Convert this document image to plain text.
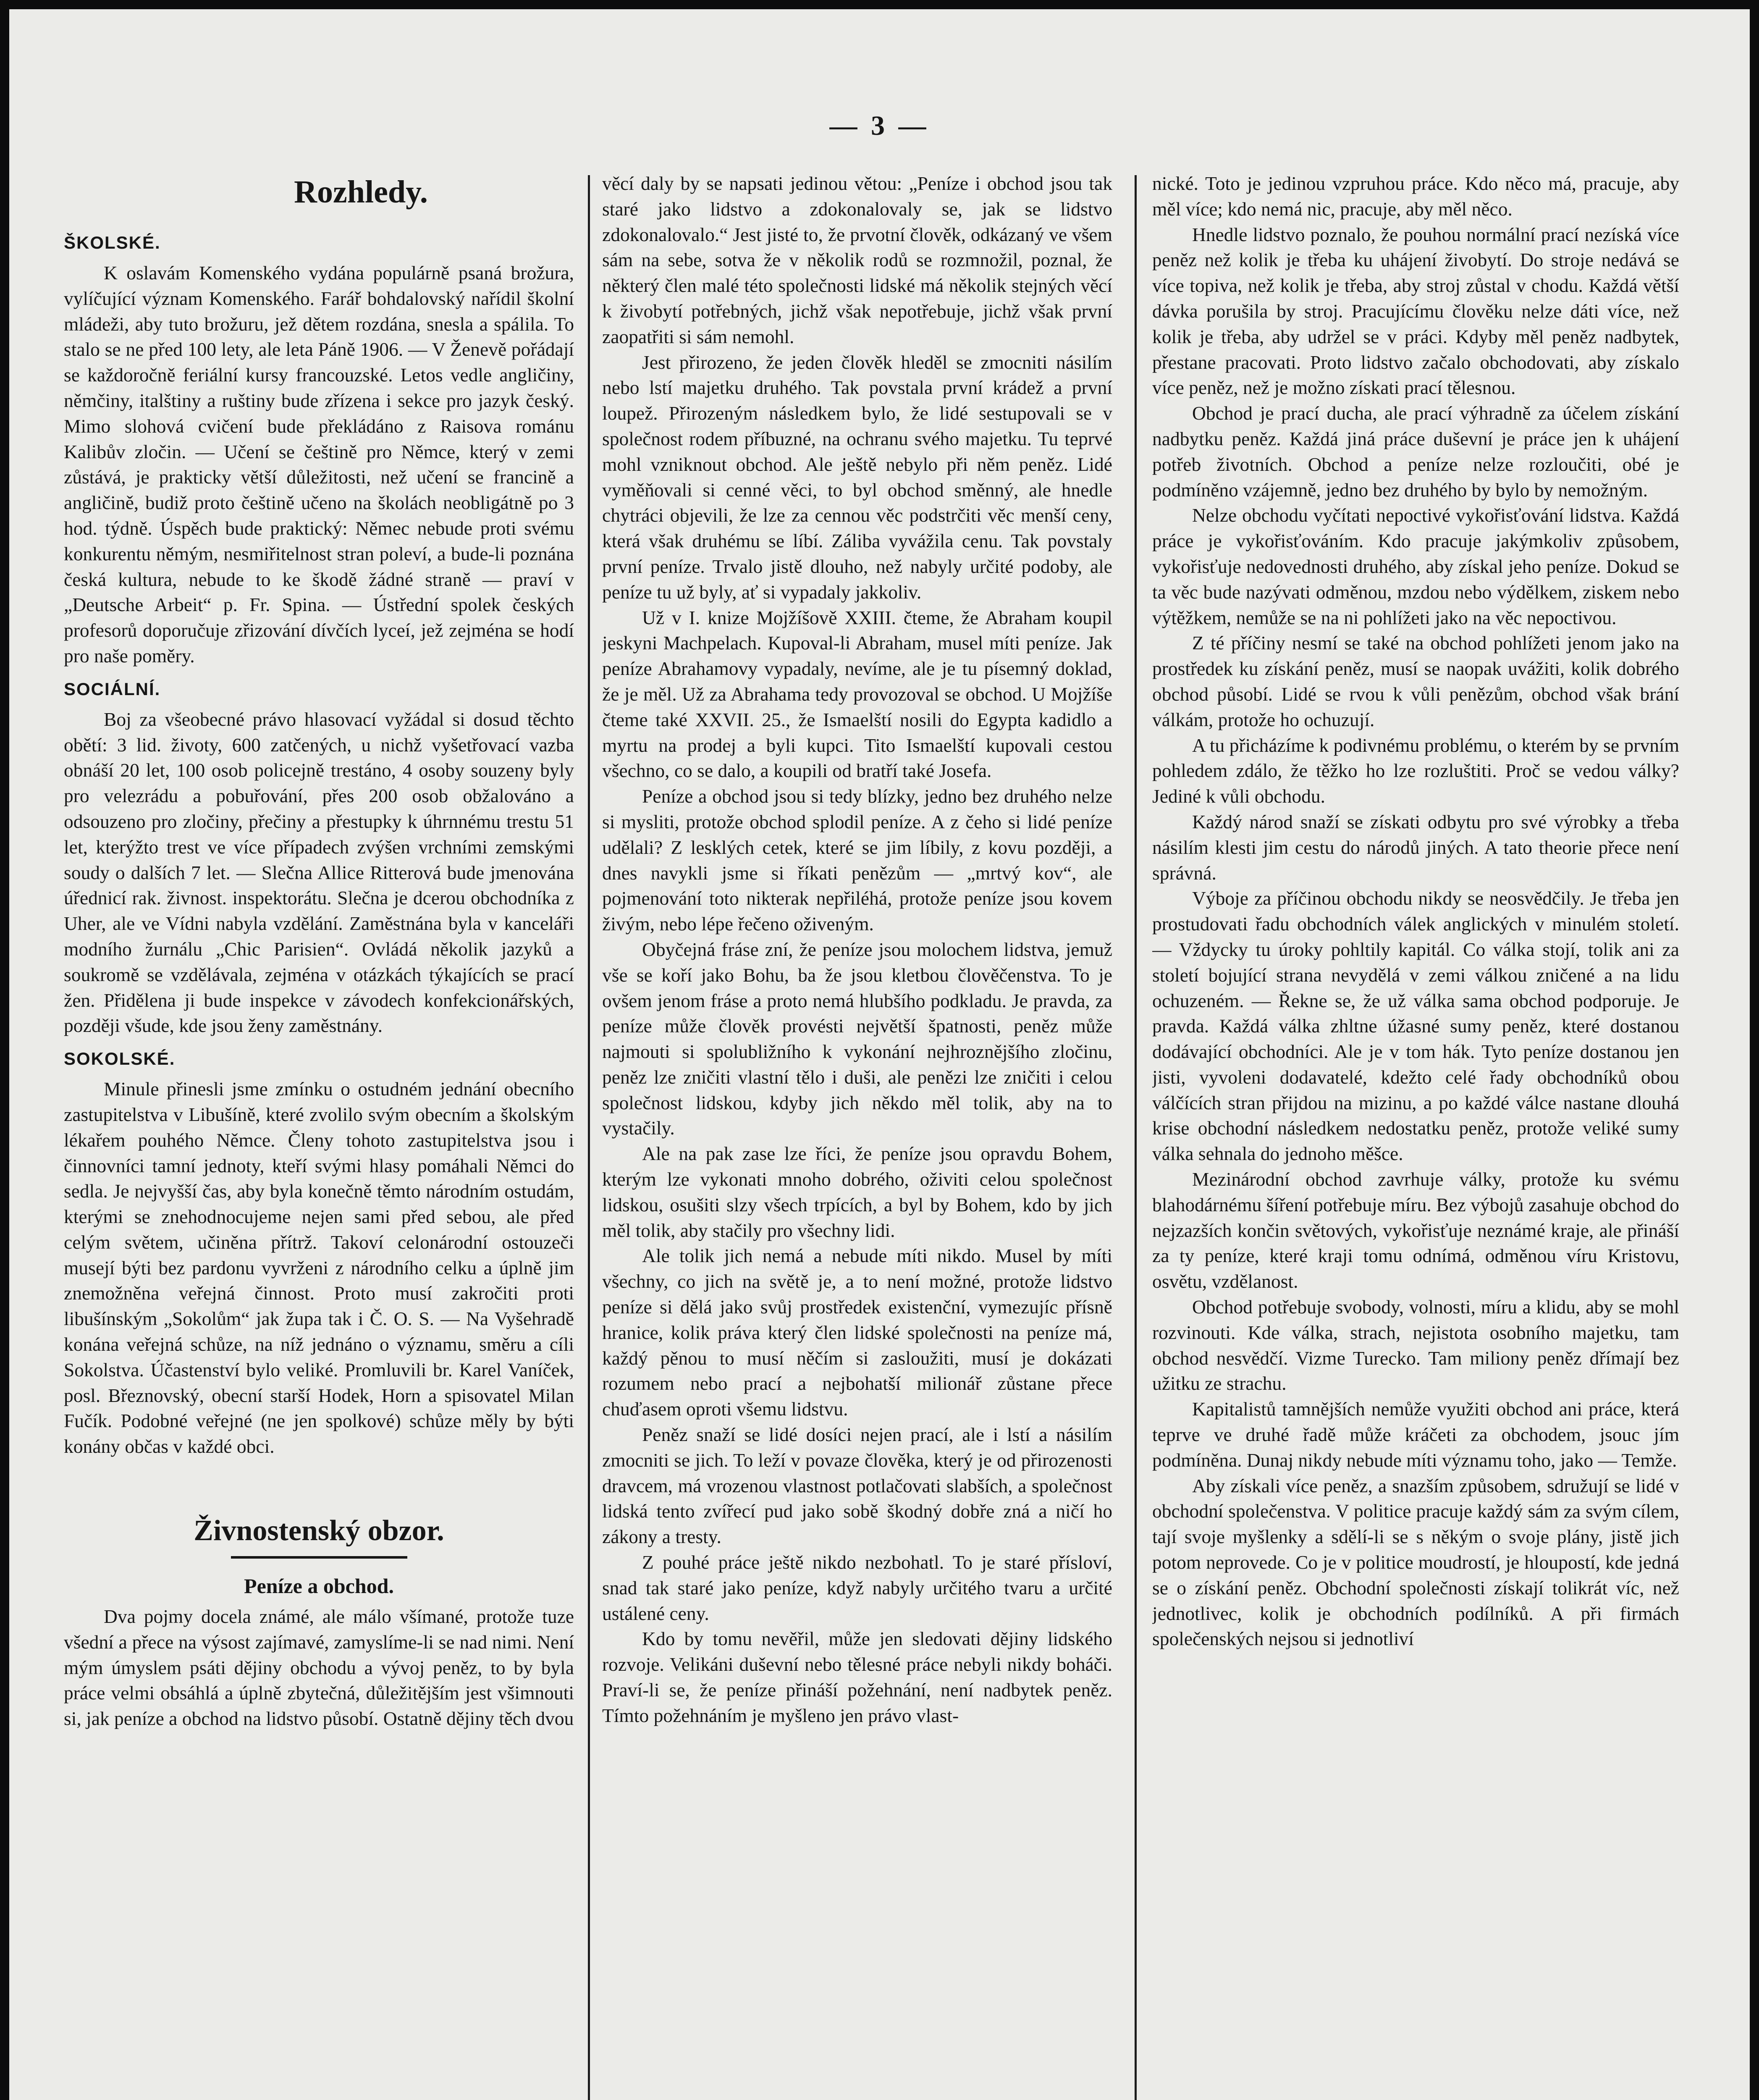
— 3 —
Rozhledy.
ŠKOLSKÉ.

K oslavám Komenského vydána populárně psaná brožura, vylíčující význam Komenského. Farář bohdalovský nařídil školní mládeži, aby tuto brožuru, jež dětem rozdána, snesla a spálila. To stalo se ne před 100 lety, ale leta Páně 1906. — V Ženevě pořádají se každoročně feriální kursy francouzské. Letos vedle angličiny, němčiny, italštiny a ruštiny bude zřízena i sekce pro jazyk český. Mimo slohová cvičení bude překládáno z Raisova románu Kalibův zločin. — Učení se češtině pro Němce, který v zemi zůstává, je prakticky větší důležitosti, než učení se francině a angličině, budiž proto češtině učeno na školách neobligátně po 3 hod. týdně. Úspěch bude praktický: Němec nebude proti svému konkurentu němým, nesmiřitelnost stran poleví, a bude-li poznána česká kultura, nebude to ke škodě žádné straně — praví v „Deutsche Arbeit“ p. Fr. Spina. — Ústřední spolek českých profesorů doporučuje zřizování dívčích lyceí, jež zejména se hodí pro naše poměry.

SOCIÁLNÍ.

Boj za všeobecné právo hlasovací vyžádal si dosud těchto obětí: 3 lid. životy, 600 zatčených, u nichž vyšetřovací vazba obnáší 20 let, 100 osob policejně trestáno, 4 osoby souzeny byly pro velezrádu a pobuřování, přes 200 osob obžalováno a odsouzeno pro zločiny, přečiny a přestupky k úhrnnému trestu 51 let, kterýžto trest ve více případech zvýšen vrchními zemskými soudy o dalších 7 let. — Slečna Allice Ritterová bude jmenována úřednicí rak. živnost. inspektorátu. Slečna je dcerou obchodníka z Uher, ale ve Vídni nabyla vzdělání. Zaměstnána byla v kanceláři modního žurnálu „Chic Parisien“. Ovládá několik jazyků a soukromě se vzdělávala, zejména v otázkách týkajících se prací žen. Přidělena ji bude inspekce v závodech konfekcionářských, později všude, kde jsou ženy zaměstnány.

SOKOLSKÉ.

Minule přinesli jsme zmínku o ostudném jednání obecního zastupitelstva v Libušíně, které zvolilo svým obecním a školským lékařem pouhého Němce. Členy tohoto zastupitelstva jsou i činnovníci tamní jednoty, kteří svými hlasy pomáhali Němci do sedla. Je nejvyšší čas, aby byla konečně těmto národním ostudám, kterými se znehodnocujeme nejen sami před sebou, ale před celým světem, učiněna přítrž. Takoví celonárodní ostouzeči musejí býti bez pardonu vyvrženi z národního celku a úplně jim znemožněna veřejná činnost. Proto musí zakročiti proti libušínským „Sokolům“ jak župa tak i Č. O. S. — Na Vyšehradě konána veřejná schůze, na níž jednáno o významu, směru a cíli Sokolstva. Účastenství bylo veliké. Promluvili br. Karel Vaníček, posl. Březnovský, obecní starší Hodek, Horn a spisovatel Milan Fučík. Podobné veřejné (ne jen spolkové) schůze měly by býti konány občas v každé obci.

Živnostenský obzor.
Peníze a obchod.

Dva pojmy docela známé, ale málo všímané, protože tuze všední a přece na výsost zajímavé, zamyslíme-li se nad nimi. Není mým úmyslem psáti dějiny obchodu a vývoj peněz, to by byla práce velmi obsáhlá a úplně zbytečná, důležitějším jest všimnouti si, jak peníze a obchod na lidstvo působí. Ostatně dějiny těch dvou

věcí daly by se napsati jedinou větou: „Peníze i obchod jsou tak staré jako lidstvo a zdokonalovaly se, jak se lidstvo zdokonalovalo.“ Jest jisté to, že prvotní člověk, odkázaný ve všem sám na sebe, sotva že v několik rodů se rozmnožil, poznal, že některý člen malé této společnosti lidské má několik stejných věcí k živobytí potřebných, jichž však nepotřebuje, jichž však první zaopatřiti si sám nemohl.

Jest přirozeno, že jeden člověk hleděl se zmocniti násilím nebo lstí majetku druhého. Tak povstala první krádež a první loupež. Přirozeným následkem bylo, že lidé sestupovali se v společnost rodem příbuzné, na ochranu svého majetku. Tu teprvé mohl vzniknout obchod. Ale ještě nebylo při něm peněz. Lidé vyměňovali si cenné věci, to byl obchod směnný, ale hnedle chytráci objevili, že lze za cennou věc podstrčiti věc menší ceny, která však druhému se líbí. Záliba vyvážila cenu. Tak povstaly první peníze. Trvalo jistě dlouho, než nabyly určité podoby, ale peníze tu už byly, ať si vypadaly jakkoliv.

Už v I. knize Mojžíšově XXIII. čteme, že Abraham koupil jeskyni Machpelach. Kupoval-li Abraham, musel míti peníze. Jak peníze Abrahamovy vypadaly, nevíme, ale je tu písemný doklad, že je měl. Už za Abrahama tedy provozoval se obchod. U Mojžíše čteme také XXVII. 25., že Ismaelští nosili do Egypta kadidlo a myrtu na prodej a byli kupci. Tito Ismaelští kupovali cestou všechno, co se dalo, a koupili od bratří také Josefa.

Peníze a obchod jsou si tedy blízky, jedno bez druhého nelze si mysliti, protože obchod splodil peníze. A z čeho si lidé peníze udělali? Z lesklých cetek, které se jim líbily, z kovu později, a dnes navykli jsme si říkati penězům — „mrtvý kov“, ale pojmenování toto nikterak nepřiléhá, protože peníze jsou kovem živým, nebo lépe řečeno oživeným.

Obyčejná fráse zní, že peníze jsou molochem lidstva, jemuž vše se koří jako Bohu, ba že jsou kletbou člověčenstva. To je ovšem jenom fráse a proto nemá hlubšího podkladu. Je pravda, za peníze může člověk provésti největší špatnosti, peněz může najmouti si spolubližního k vykonání nejhroznějšího zločinu, peněz lze zničiti vlastní tělo i duši, ale penězi lze zničiti i celou společnost lidskou, kdyby jich někdo měl tolik, aby na to vystačily.

Ale na pak zase lze říci, že peníze jsou opravdu Bohem, kterým lze vykonati mnoho dobrého, oživiti celou společnost lidskou, osušiti slzy všech trpících, a byl by Bohem, kdo by jich měl tolik, aby stačily pro všechny lidi.

Ale tolik jich nemá a nebude míti nikdo. Musel by míti všechny, co jich na světě je, a to není možné, protože lidstvo peníze si dělá jako svůj prostředek existenční, vymezujíc přísně hranice, kolik práva který člen lidské společnosti na peníze má, každý pěnou to musí něčím si zasloužiti, musí je dokázati rozumem nebo prací a nejbohatší milionář zůstane přece chuďasem oproti všemu lidstvu.

Peněz snaží se lidé dosíci nejen prací, ale i lstí a násilím zmocniti se jich. To leží v povaze člověka, který je od přirozenosti dravcem, má vrozenou vlastnost potlačovati slabších, a společnost lidská tento zvířecí pud jako sobě škodný dobře zná a ničí ho zákony a tresty.

Z pouhé práce ještě nikdo nezbohatl. To je staré přísloví, snad tak staré jako peníze, když nabyly určitého tvaru a určité ustálené ceny.

Kdo by tomu nevěřil, může jen sledovati dějiny lidského rozvoje. Velikáni duševní nebo tělesné práce nebyli nikdy boháči. Praví-li se, že peníze přináší požehnání, není nadbytek peněz. Tímto požehnáním je myšleno jen právo vlast-

nické. Toto je jedinou vzpruhou práce. Kdo něco má, pracuje, aby měl více; kdo nemá nic, pracuje, aby měl něco.

Hnedle lidstvo poznalo, že pouhou normální prací nezíská více peněz než kolik je třeba ku uhájení živobytí. Do stroje nedává se více topiva, než kolik je třeba, aby stroj zůstal v chodu. Každá větší dávka porušila by stroj. Pracujícímu člověku nelze dáti více, než kolik je třeba, aby udržel se v práci. Kdyby měl peněz nadbytek, přestane pracovati. Proto lidstvo začalo obchodovati, aby získalo více peněz, než je možno získati prací tělesnou.

Obchod je prací ducha, ale prací výhradně za účelem získání nadbytku peněz. Každá jiná práce duševní je práce jen k uhájení potřeb životních. Obchod a peníze nelze rozloučiti, obé je podmíněno vzájemně, jedno bez druhého by bylo by nemožným.

Nelze obchodu vyčítati nepoctivé vykořisťování lidstva. Každá práce je vykořisťováním. Kdo pracuje jakýmkoliv způsobem, vykořisťuje nedovednosti druhého, aby získal jeho peníze. Dokud se ta věc bude nazývati odměnou, mzdou nebo výdělkem, ziskem nebo výtěžkem, nemůže se na ni pohlížeti jako na věc nepoctivou.

Z té příčiny nesmí se také na obchod pohlížeti jenom jako na prostředek ku získání peněz, musí se naopak uvážiti, kolik dobrého obchod působí. Lidé se rvou k vůli penězům, obchod však brání válkám, protože ho ochuzují.

A tu přicházíme k podivnému problému, o kterém by se prvním pohledem zdálo, že těžko ho lze rozluštiti. Proč se vedou války? Jediné k vůli obchodu.

Každý národ snaží se získati odbytu pro své výrobky a třeba násilím klesti jim cestu do národů jiných. A tato theorie přece není správná.

Výboje za příčinou obchodu nikdy se neosvědčily. Je třeba jen prostudovati řadu obchodních válek anglických v minulém století. — Vždycky tu úroky pohltily kapitál. Co válka stojí, tolik ani za století bojující strana nevydělá v zemi válkou zničené a na lidu ochuzeném. — Řekne se, že už válka sama obchod podporuje. Je pravda. Každá válka zhltne úžasné sumy peněz, které dostanou dodávající obchodníci. Ale je v tom hák. Tyto peníze dostanou jen jisti, vyvoleni dodavatelé, kdežto celé řady obchodníků obou válčících stran přijdou na mizinu, a po každé válce nastane dlouhá krise obchodní následkem nedostatku peněz, protože veliké sumy válka sehnala do jednoho měšce.

Mezinárodní obchod zavrhuje války, protože ku svému blahodárnému šíření potřebuje míru. Bez výbojů zasahuje obchod do nejzazších končin světových, vykořisťuje neznámé kraje, ale přináší za ty peníze, které kraji tomu odnímá, odměnou víru Kristovu, osvětu, vzdělanost.

Obchod potřebuje svobody, volnosti, míru a klidu, aby se mohl rozvinouti. Kde válka, strach, nejistota osobního majetku, tam obchod nesvědčí. Vizme Turecko. Tam miliony peněz dřímají bez užitku ze strachu.

Kapitalistů tamnějších nemůže využiti obchod ani práce, která teprve ve druhé řadě může kráčeti za obchodem, jsouc jím podmíněna. Dunaj nikdy nebude míti významu toho, jako — Temže.

Aby získali více peněz, a snazším způsobem, sdružují se lidé v obchodní společenstva. V politice pracuje každý sám za svým cílem, tají svoje myšlenky a sdělí-li se s někým o svoje plány, jistě jich potom neprovede. Co je v politice moudrostí, je hloupostí, kde jedná se o získání peněz. Obchodní společnosti získají tolikrát víc, než jednotlivec, kolik je obchodních podílníků. A při firmách společenských nejsou si jednotliví
